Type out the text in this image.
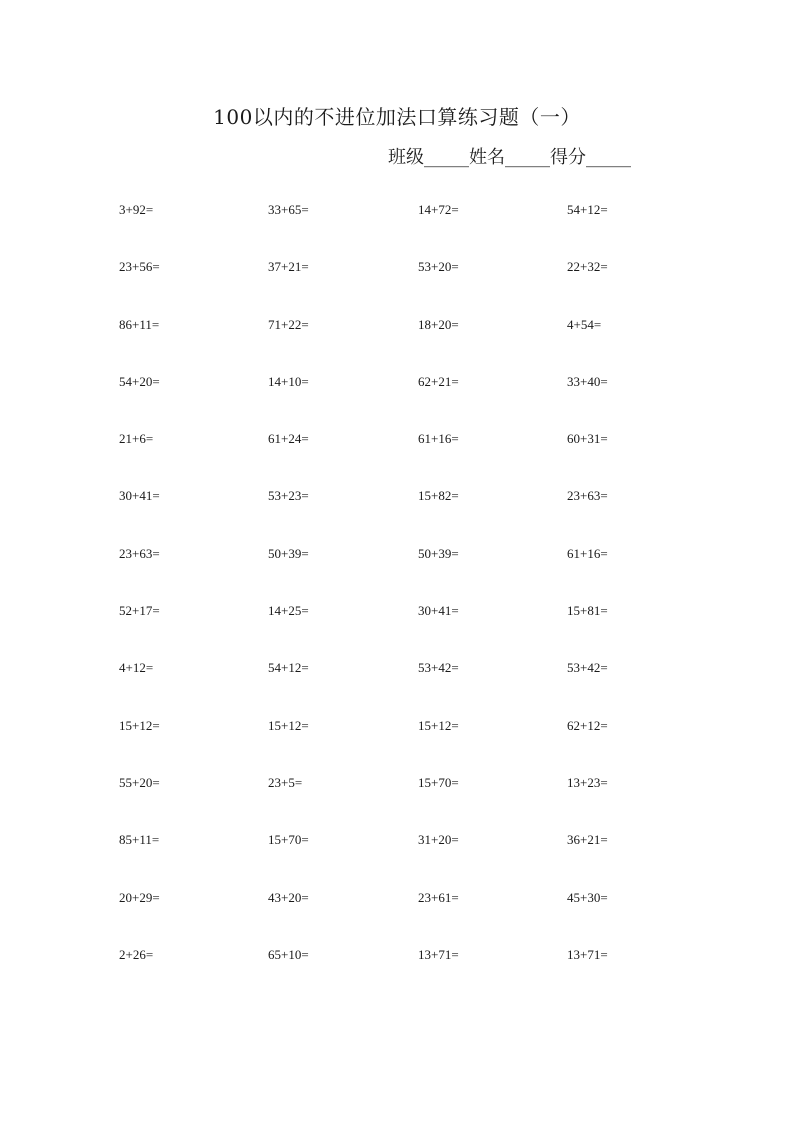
100以内的不进位加法口算练习题（一）
班级_____姓名_____得分_____
3+92=	33+65=	14+72=	54+12=
23+56=	37+21=	53+20=	22+32=
86+11=	71+22=	18+20=	4+54=
54+20=	14+10=	62+21=	33+40=
21+6=	61+24=	61+16=	60+31=
30+41=	53+23=	15+82=	23+63=
23+63=	50+39=	50+39=	61+16=
52+17=	14+25=	30+41=	15+81=
4+12=	54+12=	53+42=	53+42=
15+12=	15+12=	15+12=	62+12=
55+20=	23+5=	15+70=	13+23=
85+11=	15+70=	31+20=	36+21=
20+29=	43+20=	23+61=	45+30=
2+26=	65+10=	13+71=	13+71=
